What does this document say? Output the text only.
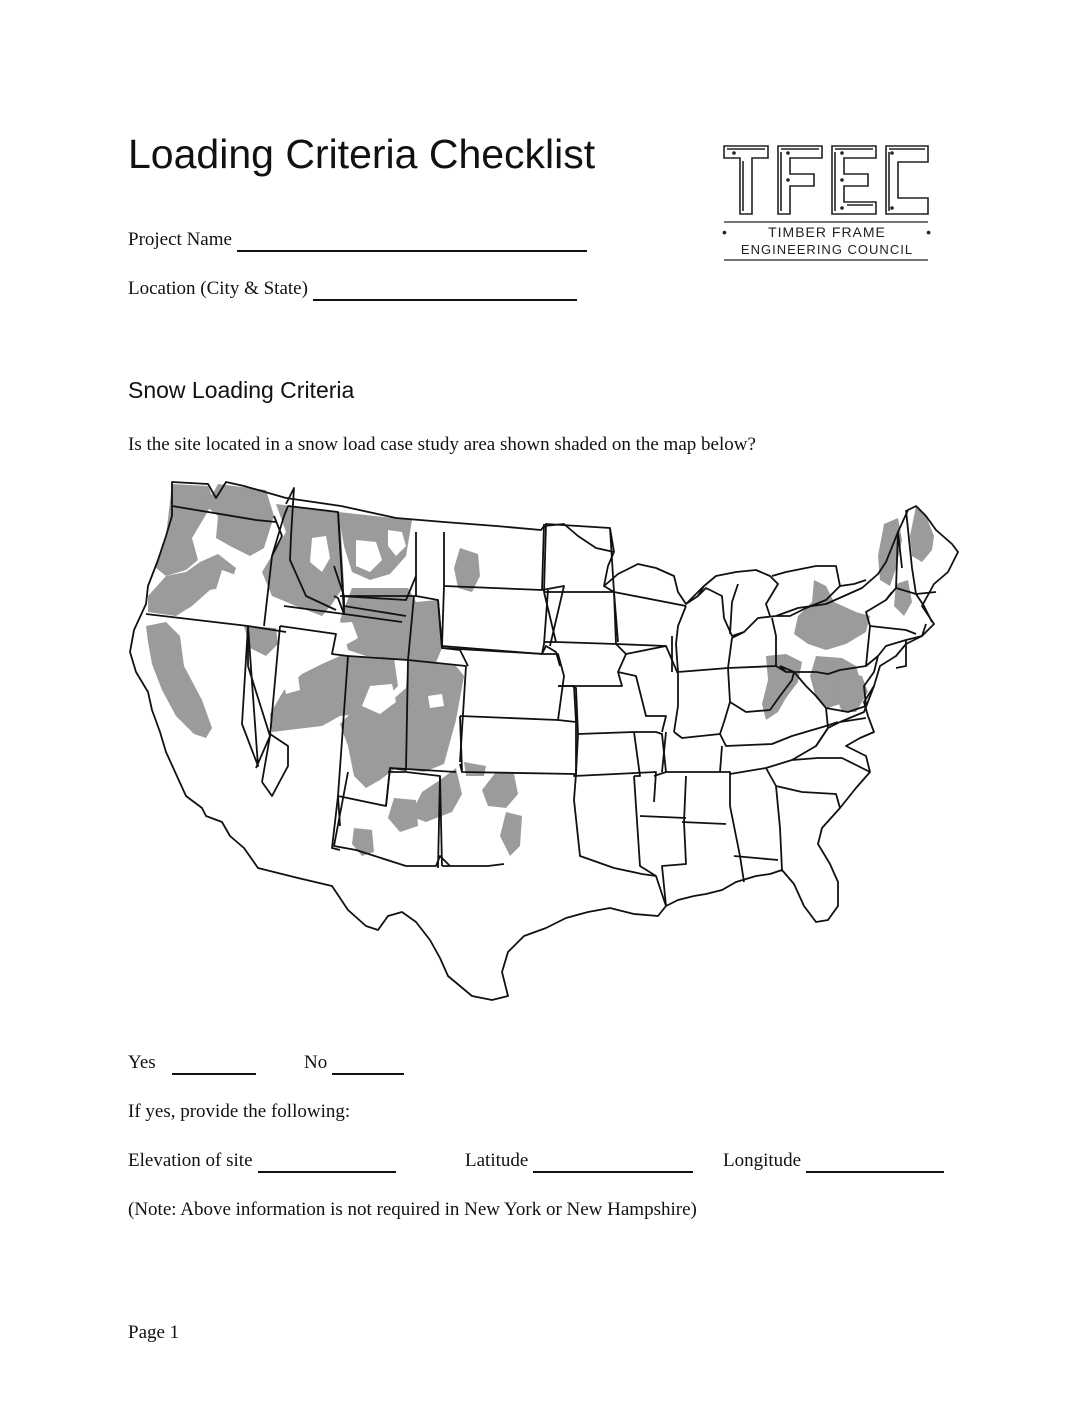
Loading Criteria Checklist
•	TIMBER FRAME	•
ENGINEERING COUNCIL
Project Name
Location (City & State)
Snow Loading Criteria
Is the site located in a snow load case study area shown shaded on the map below?
Yes	No
If yes, provide the following:
Elevation of site	Latitude	Longitude
(Note: Above information is not required in New York or New Hampshire)
Page 1
